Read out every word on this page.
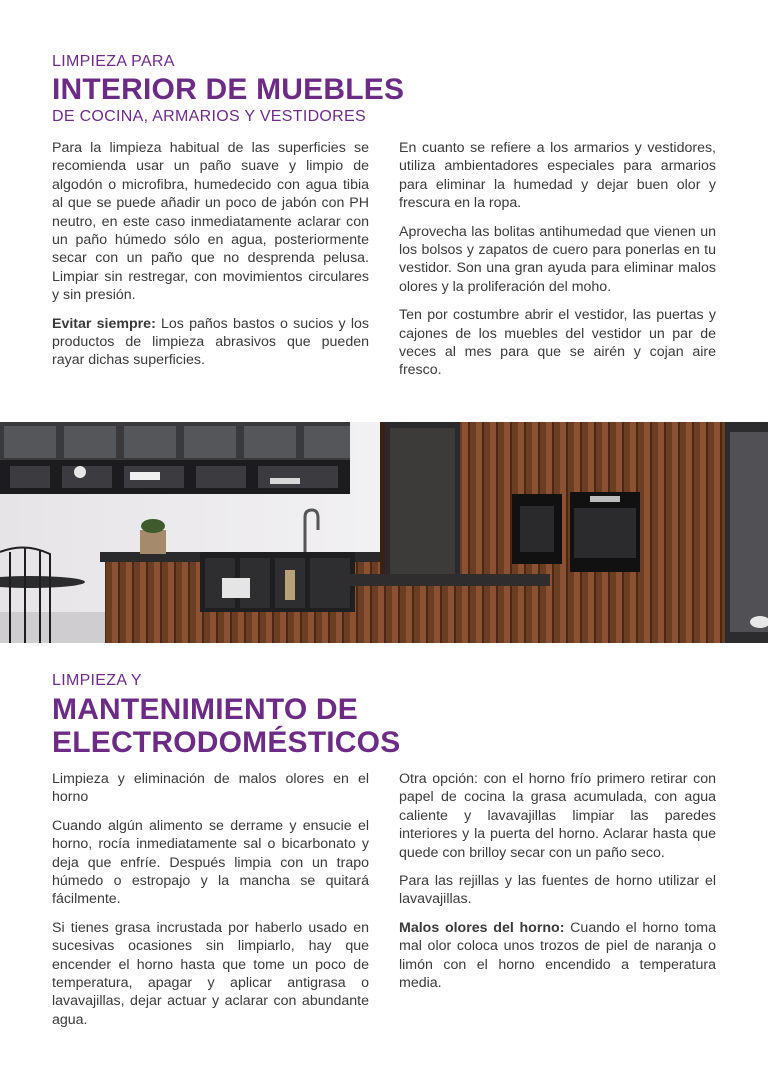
LIMPIEZA PARA
INTERIOR DE MUEBLES
DE COCINA, ARMARIOS Y VESTIDORES

Para la limpieza habitual de las superficies se recomienda usar un paño suave y limpio de algodón o microfibra, humedecido con agua tibia al que se puede añadir un poco de jabón con PH neutro, en este caso inmediatamente aclarar con un paño húmedo sólo en agua, posteriormente secar con un paño que no desprenda pelusa. Limpiar sin restregar, con movimientos circulares y sin presión.

Evitar siempre: Los paños bastos o sucios y los productos de limpieza abrasivos que pueden rayar dichas superficies.

En cuanto se refiere a los armarios y vestidores, utiliza ambientadores especiales para armarios para eliminar la humedad y dejar buen olor y frescura en la ropa.

Aprovecha las bolitas antihumedad que vienen un los bolsos y zapatos de cuero para ponerlas en tu vestidor. Son una gran ayuda para eliminar malos olores y la proliferación del moho.

Ten por costumbre abrir el vestidor, las puertas y cajones de los muebles del vestidor un par de veces al mes para que se airén y cojan aire fresco.

LIMPIEZA Y
MANTENIMIENTO DE
ELECTRODOMÉSTICOS

Limpieza y eliminación de malos olores en el horno

Cuando algún alimento se derrame y ensucie el horno, rocía inmediatamente sal o bicarbonato y deja que enfríe. Después limpia con un trapo húmedo o estropajo y la mancha se quitará fácilmente.

Si tienes grasa incrustada por haberlo usado en sucesivas ocasiones sin limpiarlo, hay que encender el horno hasta que tome un poco de temperatura, apagar y aplicar antigrasa o lavavajillas, dejar actuar y aclarar con abundante agua.

Otra opción: con el horno frío primero retirar con papel de cocina la grasa acumulada, con agua caliente y lavavajillas limpiar las paredes interiores y la puerta del horno. Aclarar hasta que quede con brilloy secar con un paño seco.

Para las rejillas y las fuentes de horno utilizar el lavavajillas.

Malos olores del horno: Cuando el horno toma mal olor coloca unos trozos de piel de naranja o limón con el horno encendido a temperatura media.
